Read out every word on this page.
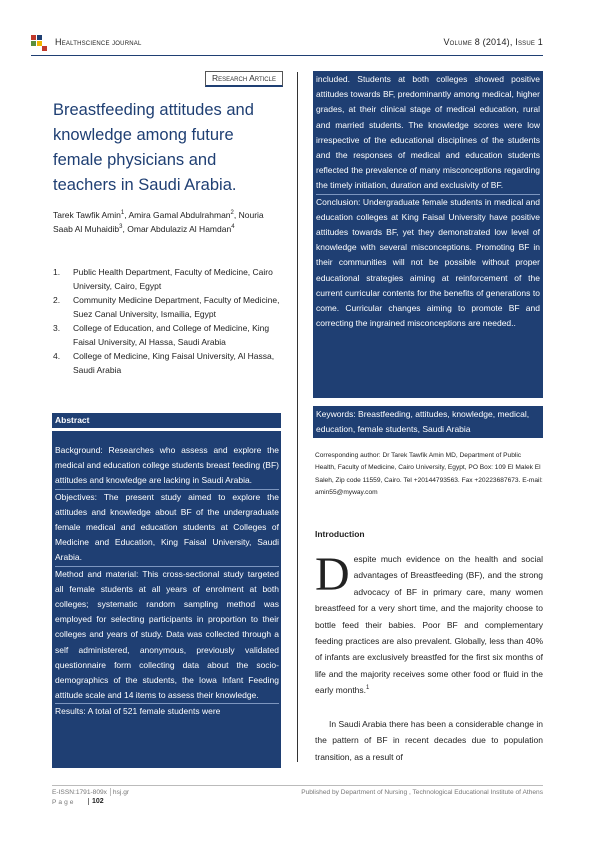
Healthscience journal	Volume 8 (2014), Issue 1
Research Article
Breastfeeding attitudes and knowledge among future female physicians and teachers in Saudi Arabia.
Tarek Tawfik Amin$^1$, Amira Gamal Abdulrahman$^2$, Nouria Saab Al Muhaidib$^3$, Omar Abdulaziz Al Hamdan$^4$
1. Public Health Department, Faculty of Medicine, Cairo University, Cairo, Egypt
2. Community Medicine Department, Faculty of Medicine, Suez Canal University, Ismailia, Egypt
3. College of Education, and College of Medicine, King Faisal University, Al Hassa, Saudi Arabia
4. College of Medicine, King Faisal University, Al Hassa, Saudi Arabia
Abstract

Background: Researches who assess and explore the medical and education college students breast feeding (BF) attitudes and knowledge are lacking in Saudi Arabia.

Objectives: The present study aimed to explore the attitudes and knowledge about BF of the undergraduate female medical and education students at Colleges of Medicine and Education, King Faisal University, Saudi Arabia.

Method and material: This cross-sectional study targeted all female students at all years of enrolment at both colleges; systematic random sampling method was employed for selecting participants in proportion to their colleges and years of study. Data was collected through a self administered, anonymous, previously validated questionnaire form collecting data about the socio-demographics of the students, the Iowa Infant Feeding attitude scale and 14 items to assess their knowledge.

Results: A total of 521 female students were

included. Students at both colleges showed positive attitudes towards BF, predominantly among medical, higher grades, at their clinical stage of medical education, rural and married students. The knowledge scores were low irrespective of the educational disciplines of the students and the responses of medical and education students reflected the prevalence of many misconceptions regarding the timely initiation, duration and exclusivity of BF.

Conclusion: Undergraduate female students in medical and education colleges at King Faisal University have positive attitudes towards BF, yet they demonstrated low level of knowledge with several misconceptions. Promoting BF in their communities will not be possible without proper educational strategies aiming at reinforcement of the current curricular contents for the benefits of generations to come. Curricular changes aiming to promote BF and correcting the ingrained misconceptions are needed..

Keywords: Breastfeeding, attitudes, knowledge, medical, education, female students, Saudi Arabia
Corresponding author: Dr Tarek Tawfik Amin MD, Department of Public Health, Faculty of Medicine, Cairo University, Egypt, PO Box: 109 El Malek El Saleh, Zip code 11559, Cairo. Tel +20144793563. Fax +20223687673. E-mail: amin55@myway.com
Introduction

Despite much evidence on the health and social advantages of Breastfeeding (BF), and the strong advocacy of BF in primary care, many women breastfeed for a very short time, and the majority choose to bottle feed their babies. Poor BF and complementary feeding practices are also prevalent. Globally, less than 40% of infants are exclusively breastfed for the first six months of life and the majority receives some other food or fluid in the early months.$^1$

In Saudi Arabia there has been a considerable change in the pattern of BF in recent decades due to population transition, as a result of

E-ISSN:1791-809x │hsj.gr	Published by Department of Nursing , Technological Educational Institute of Athens
Page	102
